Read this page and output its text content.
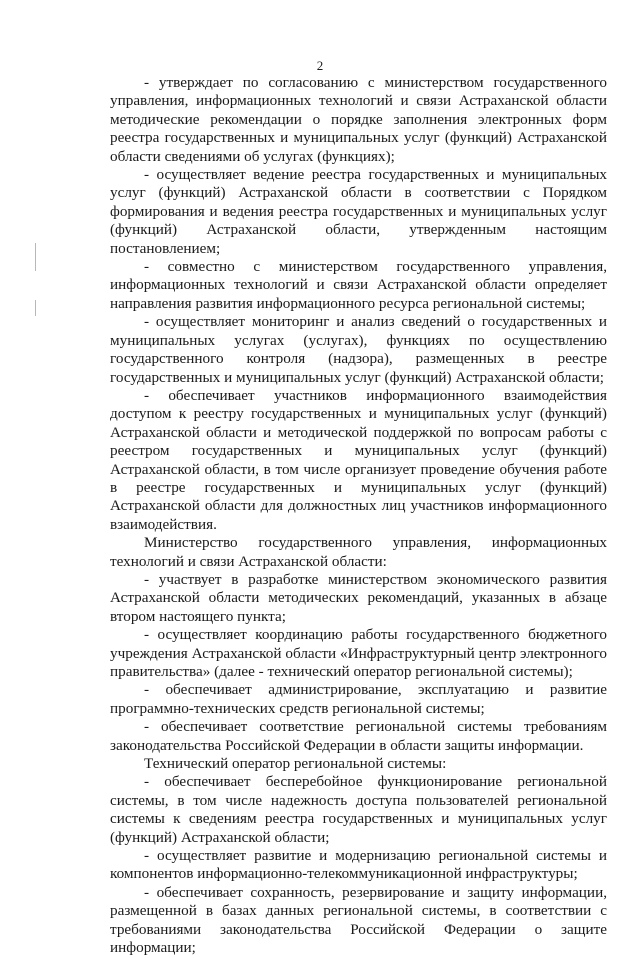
2

- утверждает по согласованию с министерством государственного управления, информационных технологий и связи Астраханской области методические рекомендации о порядке заполнения электронных форм реестра государственных и муниципальных услуг (функций) Астраханской области сведениями об услугах (функциях);

- осуществляет ведение реестра государственных и муниципальных услуг (функций) Астраханской области в соответствии с Порядком формирования и ведения реестра государственных и муниципальных услуг (функций) Астраханской области, утвержденным настоящим постановлением;

- совместно с министерством государственного управления, информационных технологий и связи Астраханской области определяет направления развития информационного ресурса региональной системы;

- осуществляет мониторинг и анализ сведений о государственных и муниципальных услугах (услугах), функциях по осуществлению государственного контроля (надзора), размещенных в реестре государственных и муниципальных услуг (функций) Астраханской области;

- обеспечивает участников информационного взаимодействия доступом к реестру государственных и муниципальных услуг (функций) Астраханской области и методической поддержкой по вопросам работы с реестром государственных и муниципальных услуг (функций) Астраханской области, в том числе организует проведение обучения работе в реестре государственных и муниципальных услуг (функций) Астраханской области для должностных лиц участников информационного взаимодействия.

Министерство государственного управления, информационных технологий и связи Астраханской области:

- участвует в разработке министерством экономического развития Астраханской области методических рекомендаций, указанных в абзаце втором настоящего пункта;

- осуществляет координацию работы государственного бюджетного учреждения Астраханской области «Инфраструктурный центр электронного правительства» (далее - технический оператор региональной системы);

- обеспечивает администрирование, эксплуатацию и развитие программно-технических средств региональной системы;

- обеспечивает соответствие региональной системы требованиям законодательства Российской Федерации в области защиты информации.

Технический оператор региональной системы:

- обеспечивает бесперебойное функционирование региональной системы, в том числе надежность доступа пользователей региональной системы к сведениям реестра государственных и муниципальных услуг (функций) Астраханской области;

- осуществляет развитие и модернизацию региональной системы и компонентов информационно-телекоммуникационной инфраструктуры;

- обеспечивает сохранность, резервирование и защиту информации, размещенной в базах данных региональной системы, в соответствии с требованиями законодательства Российской Федерации о защите информации;
